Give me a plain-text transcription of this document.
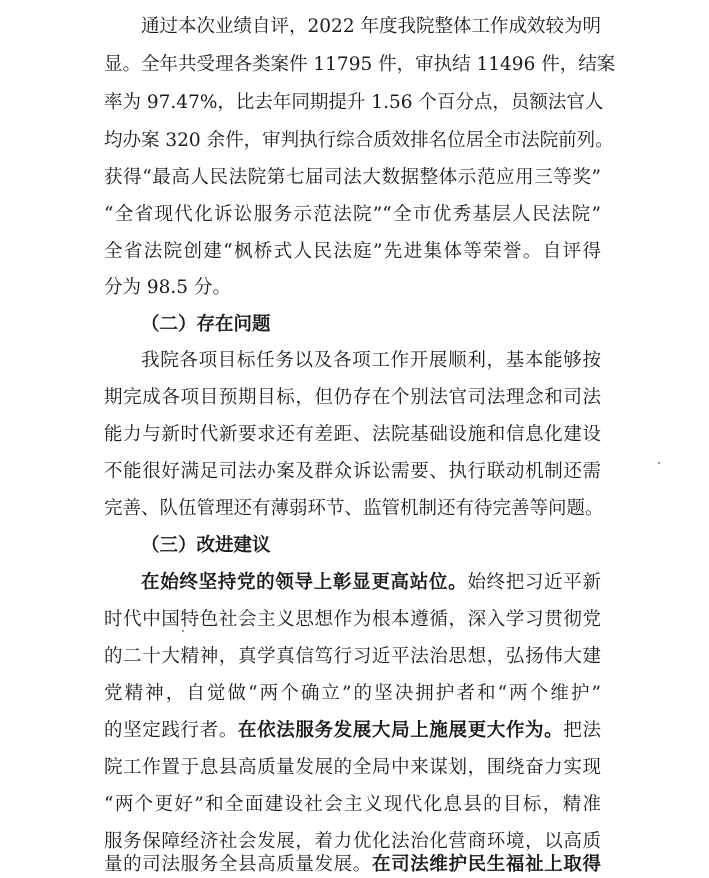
通过本次业绩自评，2022 年度我院整体工作成效较为明
显。全年共受理各类案件 11795 件，审执结 11496 件，结案
率为 97.47%，比去年同期提升 1.56 个百分点，员额法官人
均办案 320 余件，审判执行综合质效排名位居全市法院前列。
获得“最高人民法院第七届司法大数据整体示范应用三等奖”
“全省现代化诉讼服务示范法院”“全市优秀基层人民法院”
全省法院创建“枫桥式人民法庭”先进集体等荣誉。自评得
分为 98.5 分。
（二）存在问题
我院各项目标任务以及各项工作开展顺利，基本能够按
期完成各项目预期目标，但仍存在个别法官司法理念和司法
能力与新时代新要求还有差距、法院基础设施和信息化建设
不能很好满足司法办案及群众诉讼需要、执行联动机制还需
完善、队伍管理还有薄弱环节、监管机制还有待完善等问题。
（三）改进建议
在始终坚持党的领导上彰显更高站位。始终把习近平新
时代中国特色社会主义思想作为根本遵循，深入学习贯彻党
的二十大精神，真学真信笃行习近平法治思想，弘扬伟大建
党精神，自觉做“两个确立”的坚决拥护者和“两个维护”
的坚定践行者。在依法服务发展大局上施展更大作为。把法
院工作置于息县高质量发展的全局中来谋划，围绕奋力实现
“两个更好”和全面建设社会主义现代化息县的目标，精准
服务保障经济社会发展，着力优化法治化营商环境，以高质
量的司法服务全县高质量发展。在司法维护民生福祉上取得
